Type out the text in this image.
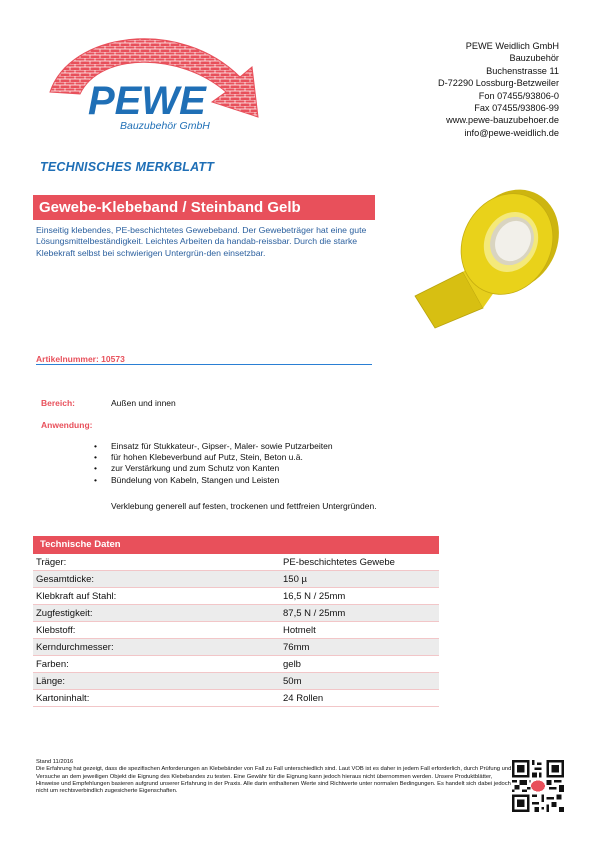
PEWE
Bauzubehör GmbH
PEWE Weidlich GmbH
Bauzubehör
Buchenstrasse 11
D-72290 Lossburg-Betzweiler
Fon 07455/93806-0
Fax 07455/93806-99
www.pewe-bauzubehoer.de
info@pewe-weidlich.de
TECHNISCHES MERKBLATT
Gewebe-Klebeband / Steinband Gelb
Einseitig klebendes, PE-beschichtetes Gewebeband. Der Gewebeträger hat eine gute Lösungsmittelbeständigkeit. Leichtes Arbeiten da handab-reissbar. Durch die starke Klebekraft selbst bei schwierigen Untergrün-den einsetzbar.
Artikelnummer: 10573
Bereich:	Außen und innen
Anwendung:
• Einsatz für Stukkateur-, Gipser-, Maler- sowie Putzarbeiten
• für hohen Klebeverbund auf Putz, Stein, Beton u.ä.
• zur Verstärkung und zum Schutz von Kanten
• Bündelung von Kabeln, Stangen und Leisten
Verklebung generell auf festen, trockenen und fettfreien Untergründen.
Technische Daten
Träger:	PE-beschichtetes Gewebe
Gesamtdicke:	150 µ
Klebkraft auf Stahl:	16,5 N / 25mm
Zugfestigkeit:	87,5 N / 25mm
Klebstoff:	Hotmelt
Kerndurchmesser:	76mm
Farben:	gelb
Länge:	50m
Kartoninhalt:	24 Rollen
Stand 11/2016
Die Erfahrung hat gezeigt, dass die spezifischen Anforderungen an Klebebänder von Fall zu Fall unterschiedlich sind. Laut VOB ist es daher in jedem Fall erforderlich, durch Prüfung und Versuche an dem jeweiligen Objekt die Eignung des Klebebandes zu testen. Eine Gewähr für die Eignung kann jedoch hieraus nicht übernommen werden. Unsere Produktblätter, Hinweise und Empfehlungen basieren aufgrund unserer Erfahrung in der Praxis. Alle darin enthaltenen Werte sind Richtwerte unter normalen Bedingungen. Es handelt sich dabei jedoch nicht um rechtsverbindlich zugesicherte Eigenschaften.
